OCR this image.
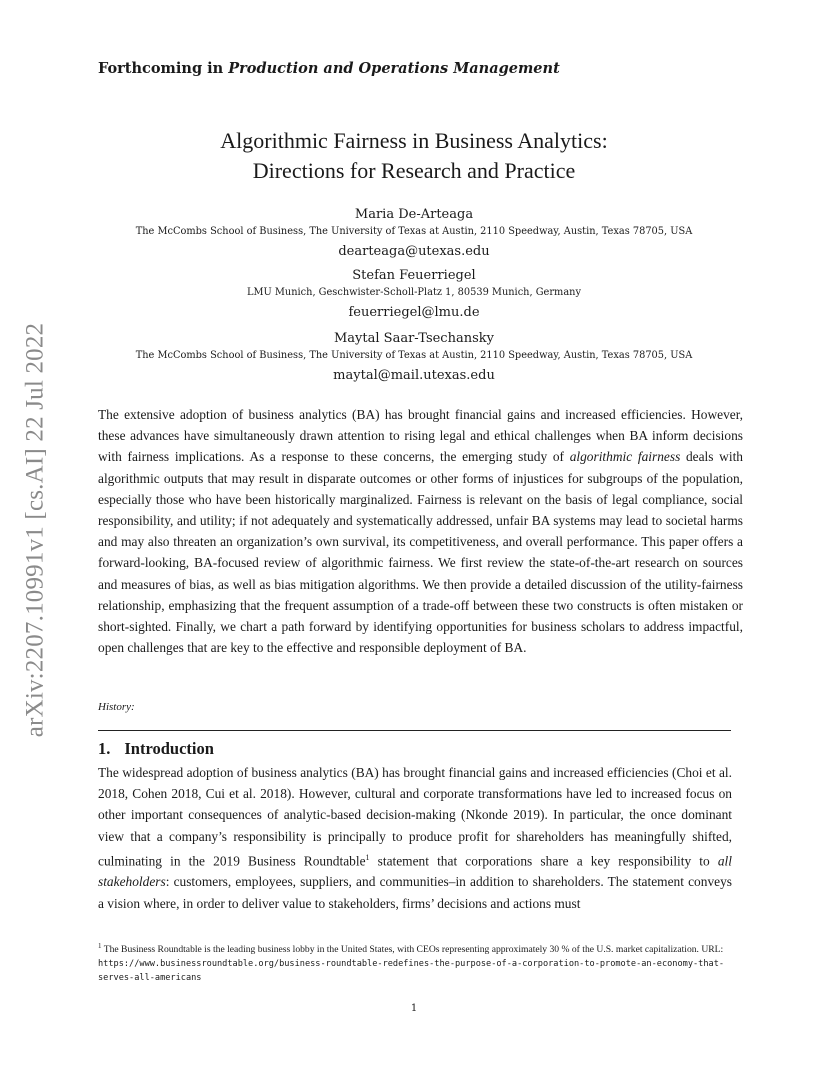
arXiv:2207.10991v1 [cs.AI] 22 Jul 2022
Forthcoming in Production and Operations Management
Algorithmic Fairness in Business Analytics:
Directions for Research and Practice
Maria De-Arteaga
The McCombs School of Business, The University of Texas at Austin, 2110 Speedway, Austin, Texas 78705, USA
dearteaga@utexas.edu
Stefan Feuerriegel
LMU Munich, Geschwister-Scholl-Platz 1, 80539 Munich, Germany
feuerriegel@lmu.de
Maytal Saar-Tsechansky
The McCombs School of Business, The University of Texas at Austin, 2110 Speedway, Austin, Texas 78705, USA
maytal@mail.utexas.edu
The extensive adoption of business analytics (BA) has brought financial gains and increased efficiencies. However, these advances have simultaneously drawn attention to rising legal and ethical challenges when BA inform decisions with fairness implications. As a response to these concerns, the emerging study of algorithmic fairness deals with algorithmic outputs that may result in disparate outcomes or other forms of injustices for subgroups of the population, especially those who have been historically marginalized. Fairness is relevant on the basis of legal compliance, social responsibility, and utility; if not adequately and systematically addressed, unfair BA systems may lead to societal harms and may also threaten an organization’s own survival, its competitiveness, and overall performance. This paper offers a forward-looking, BA-focused review of algorithmic fairness. We first review the state-of-the-art research on sources and measures of bias, as well as bias mitigation algorithms. We then provide a detailed discussion of the utility-fairness relationship, emphasizing that the frequent assumption of a trade-off between these two constructs is often mistaken or short-sighted. Finally, we chart a path forward by identifying opportunities for business scholars to address impactful, open challenges that are key to the effective and responsible deployment of BA.
History:
1. Introduction
The widespread adoption of business analytics (BA) has brought financial gains and increased efficiencies (Choi et al. 2018, Cohen 2018, Cui et al. 2018). However, cultural and corporate transformations have led to increased focus on other important consequences of analytic-based decision-making (Nkonde 2019). In particular, the once dominant view that a company’s responsibility is principally to produce profit for shareholders has meaningfully shifted, culminating in the 2019 Business Roundtable$^1$ statement that corporations share a key responsibility to all stakeholders: customers, employees, suppliers, and communities–in addition to shareholders. The statement conveys a vision where, in order to deliver value to stakeholders, firms’ decisions and actions must
$^1$ The Business Roundtable is the leading business lobby in the United States, with CEOs representing approximately 30 % of the U.S. market capitalization. URL: https://www.businessroundtable.org/business-roundtable-redefines-the-purpose-of-a-corporation-to-promote-an-economy-that-serves-all-americans
1
